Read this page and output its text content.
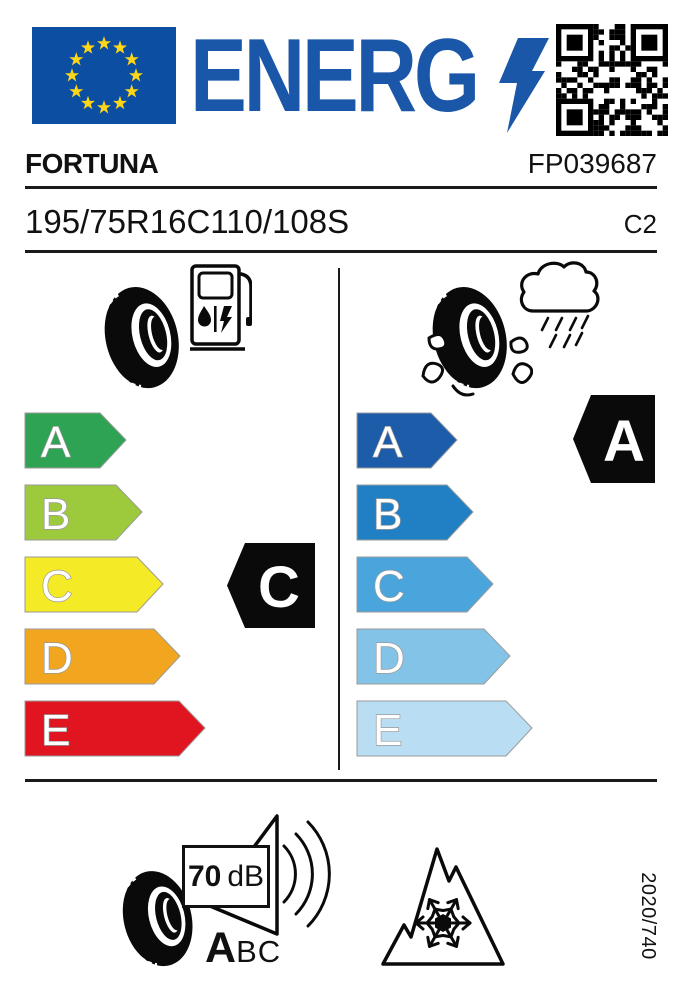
ENERG
FORTUNA	FP039687
195/75R16C110/108S	C2
A
B
C
D
E
A
B
C
D
E
C
A
70 dB
A BC	2020/740
